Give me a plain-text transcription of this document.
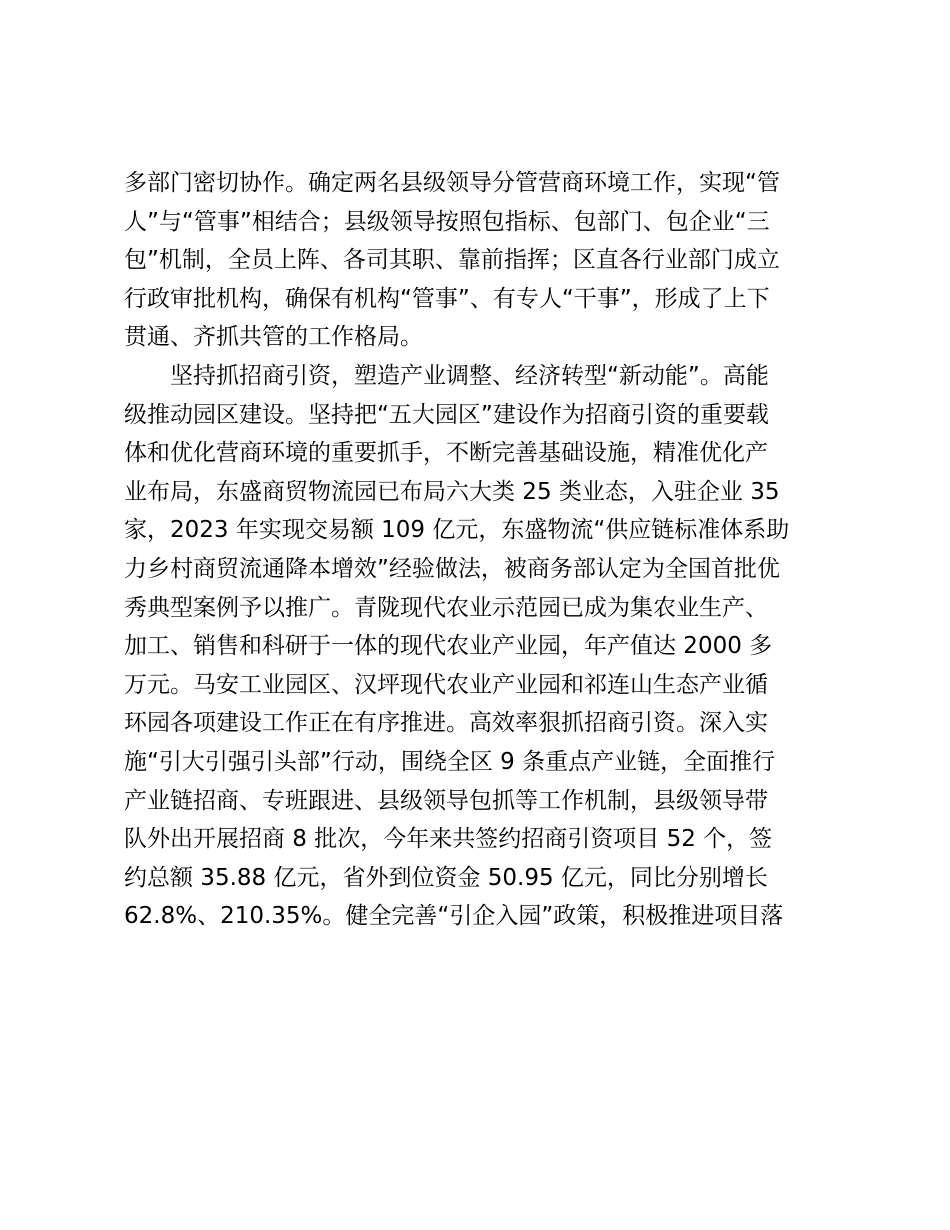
多部门密切协作。确定两名县级领导分管营商环境工作，实现“管
人”与“管事”相结合；县级领导按照包指标、包部门、包企业“三
包”机制，全员上阵、各司其职、靠前指挥；区直各行业部门成立
行政审批机构，确保有机构“管事”、有专人“干事”，形成了上下
贯通、齐抓共管的工作格局。
坚持抓招商引资，塑造产业调整、经济转型“新动能”。高能
级推动园区建设。坚持把“五大园区”建设作为招商引资的重要载
体和优化营商环境的重要抓手，不断完善基础设施，精准优化产
业布局，东盛商贸物流园已布局六大类 25 类业态，入驻企业 35
家，2023 年实现交易额 109 亿元，东盛物流“供应链标准体系助
力乡村商贸流通降本增效”经验做法，被商务部认定为全国首批优
秀典型案例予以推广。青陇现代农业示范园已成为集农业生产、
加工、销售和科研于一体的现代农业产业园，年产值达 2000 多
万元。马安工业园区、汉坪现代农业产业园和祁连山生态产业循
环园各项建设工作正在有序推进。高效率狠抓招商引资。深入实
施“引大引强引头部”行动，围绕全区 9 条重点产业链，全面推行
产业链招商、专班跟进、县级领导包抓等工作机制，县级领导带
队外出开展招商 8 批次，今年来共签约招商引资项目 52 个，签
约总额 35.88 亿元，省外到位资金 50.95 亿元，同比分别增长
62.8%、210.35%。健全完善“引企入园”政策，积极推进项目落
